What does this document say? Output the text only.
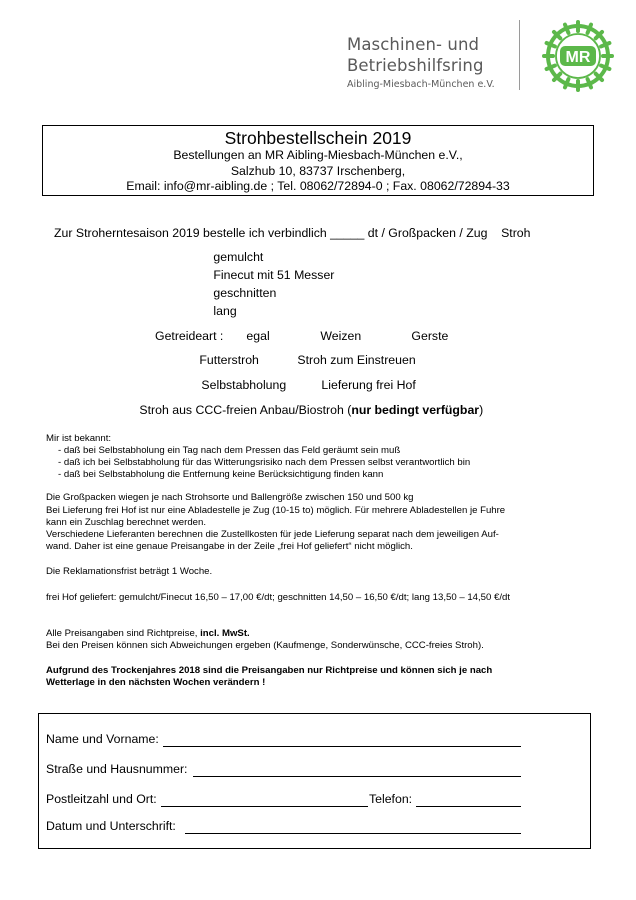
Maschinen- und
Betriebshilfsring
Aibling-Miesbach-München e.V.
MR
Strohbestellschein 2019
Bestellungen an MR Aibling-Miesbach-München e.V.,
Salzhub 10, 83737 Irschenberg,
Email: info@mr-aibling.de ; Tel. 08062/72894-0 ; Fax. 08062/72894-33
Zur Stroherntesaison 2019 bestelle ich verbindlich _____ dt / Großpacken / Zug    Stroh
gemulcht
Finecut mit 51 Messer
geschnitten
lang
Getreideart :	egal	Weizen	Gerste
Futterstroh	Stroh zum Einstreuen
Selbstabholung	Lieferung frei Hof
Stroh aus CCC-freien Anbau/Biostroh (nur bedingt verfügbar)
Mir ist bekannt:
- daß bei Selbstabholung ein Tag nach dem Pressen das Feld geräumt sein muß
- daß ich bei Selbstabholung für das Witterungsrisiko nach dem Pressen selbst verantwortlich bin
- daß bei Selbstabholung die Entfernung keine Berücksichtigung finden kann
Die Großpacken wiegen je nach Strohsorte und Ballengröße zwischen 150 und 500 kg
Bei Lieferung frei Hof ist nur eine Abladestelle je Zug (10-15 to) möglich. Für mehrere Abladestellen je Fuhre
kann ein Zuschlag berechnet werden.
Verschiedene Lieferanten berechnen die Zustellkosten für jede Lieferung separat nach dem jeweiligen Auf-
wand. Daher ist eine genaue Preisangabe in der Zeile „frei Hof geliefert“ nicht möglich.
Die Reklamationsfrist beträgt 1 Woche.
frei Hof geliefert: gemulcht/Finecut 16,50 – 17,00 €/dt; geschnitten 14,50 – 16,50 €/dt; lang 13,50 – 14,50 €/dt
Alle Preisangaben sind Richtpreise, incl. MwSt.
Bei den Preisen können sich Abweichungen ergeben (Kaufmenge, Sonderwünsche, CCC-freies Stroh).
Aufgrund des Trockenjahres 2018 sind die Preisangaben nur Richtpreise und können sich je nach
Wetterlage in den nächsten Wochen verändern !
Name und Vorname:
Straße und Hausnummer:
Postleitzahl und Ort:	Telefon:
Datum und Unterschrift:
